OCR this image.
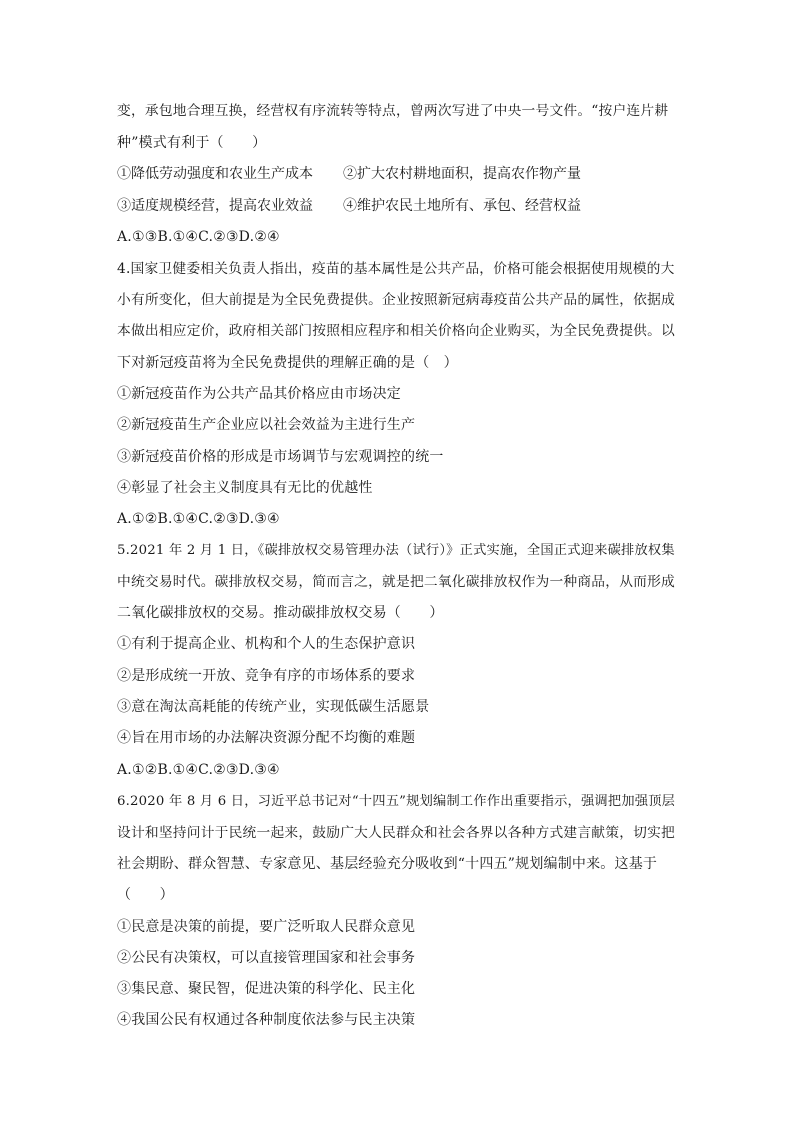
变，承包地合理互换，经营权有序流转等特点，曾两次写进了中央一号文件。“按户连片耕
种”模式有利于（　　）
①降低劳动强度和农业生产成本 ②扩大农村耕地面积，提高农作物产量
③适度规模经营，提高农业效益 ④维护农民土地所有、承包、经营权益
A.①③B.①④C.②③D.②④
4.国家卫健委相关负责人指出，疫苗的基本属性是公共产品，价格可能会根据使用规模的大
小有所变化，但大前提是为全民免费提供。企业按照新冠病毒疫苗公共产品的属性，依据成
本做出相应定价，政府相关部门按照相应程序和相关价格向企业购买，为全民免费提供。以
下对新冠疫苗将为全民免费提供的理解正确的是（　）
①新冠疫苗作为公共产品其价格应由市场决定
②新冠疫苗生产企业应以社会效益为主进行生产
③新冠疫苗价格的形成是市场调节与宏观调控的统一
④彰显了社会主义制度具有无比的优越性
A.①②B.①④C.②③D.③④
5.2021 年 2 月 1 日，《碳排放权交易管理办法（试行）》正式实施，全国正式迎来碳排放权集
中统交易时代。碳排放权交易，简而言之，就是把二氧化碳排放权作为一种商品，从而形成
二氧化碳排放权的交易。推动碳排放权交易（　　）
①有利于提高企业、机构和个人的生态保护意识
②是形成统一开放、竞争有序的市场体系的要求
③意在淘汰高耗能的传统产业，实现低碳生活愿景
④旨在用市场的办法解决资源分配不均衡的难题
A.①②B.①④C.②③D.③④
6.2020 年 8 月 6 日，习近平总书记对“十四五”规划编制工作作出重要指示，强调把加强顶层
设计和坚持问计于民统一起来，鼓励广大人民群众和社会各界以各种方式建言献策，切实把
社会期盼、群众智慧、专家意见、基层经验充分吸收到“十四五”规划编制中来。这基于
（　　）
①民意是决策的前提，要广泛听取人民群众意见
②公民有决策权，可以直接管理国家和社会事务
③集民意、聚民智，促进决策的科学化、民主化
④我国公民有权通过各种制度依法参与民主决策
